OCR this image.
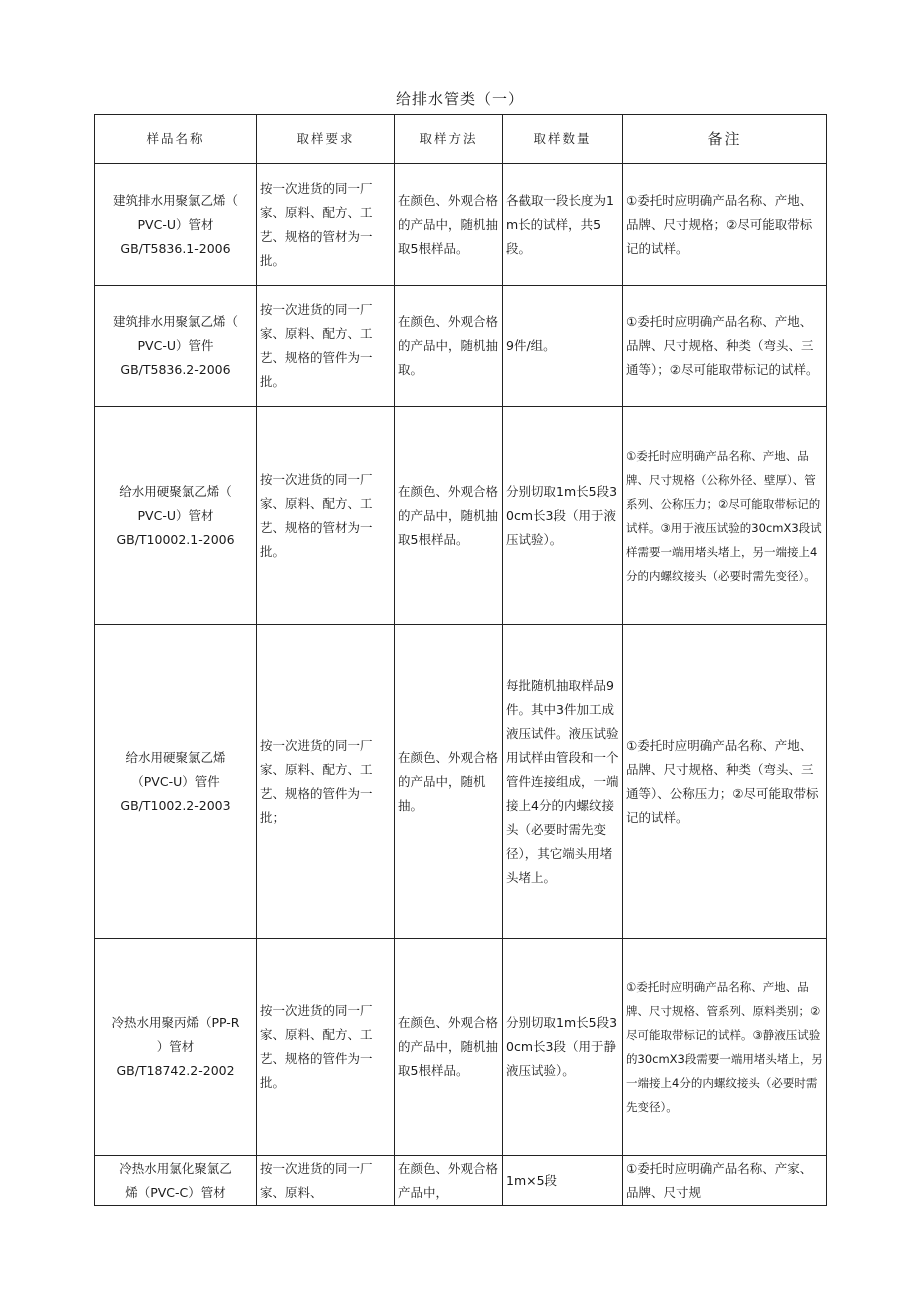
给排水管类（一）
样品名称	取样要求	取样方法	取样数量	备注

建筑排水用聚氯乙烯（
PVC-U）管材
GB/T5836.1-2006	按一次进货的同一厂家、原料、配方、工艺、规格的管材为一批。	在颜色、外观合格的产品中，随机抽取5根样品。	各截取一段长度为1m长的试样，共5段。	①委托时应明确产品名称、产地、品牌、尺寸规格；②尽可能取带标记的试样。

建筑排水用聚氯乙烯（
PVC-U）管件
GB/T5836.2-2006	按一次进货的同一厂家、原料、配方、工艺、规格的管件为一批。	在颜色、外观合格的产品中，随机抽取。	9件/组。	①委托时应明确产品名称、产地、品牌、尺寸规格、种类（弯头、三通等）；②尽可能取带标记的试样。

给水用硬聚氯乙烯（
PVC-U）管材
GB/T10002.1-2006	按一次进货的同一厂家、原料、配方、工艺、规格的管材为一批。	在颜色、外观合格的产品中，随机抽取5根样品。	分别切取1m长5段30cm长3段（用于液压试验）。	①委托时应明确产品名称、产地、品牌、尺寸规格（公称外径、壁厚）、管系列、公称压力；②尽可能取带标记的试样。③用于液压试验的30cmX3段试样需要一端用堵头堵上，另一端接上4分的内螺纹接头（必要时需先变径）。

给水用硬聚氯乙烯
（PVC-U）管件
GB/T1002.2-2003	按一次进货的同一厂家、原料、配方、工艺、规格的管件为一批；	在颜色、外观合格的产品中，随机抽。	每批随机抽取样品9件。其中3件加工成液压试件。液压试验用试样由管段和一个管件连接组成，一端接上4分的内螺纹接头（必要时需先变径），其它端头用堵头堵上。	①委托时应明确产品名称、产地、品牌、尺寸规格、种类（弯头、三通等）、公称压力；②尽可能取带标记的试样。

冷热水用聚丙烯（PP-R
）管材
GB/T18742.2-2002	按一次进货的同一厂家、原料、配方、工艺、规格的管件为一批。	在颜色、外观合格的产品中，随机抽取5根样品。	分别切取1m长5段30cm长3段（用于静液压试验）。	①委托时应明确产品名称、产地、品牌、尺寸规格、管系列、原料类别；②尽可能取带标记的试样。③静液压试验的30cmX3段需要一端用堵头堵上，另一端接上4分的内螺纹接头（必要时需先变径）。

冷热水用氯化聚氯乙
烯（PVC-C）管材	按一次进货的同一厂家、原料、	在颜色、外观合格产品中，	1m×5段	①委托时应明确产品名称、产家、品牌、尺寸规
